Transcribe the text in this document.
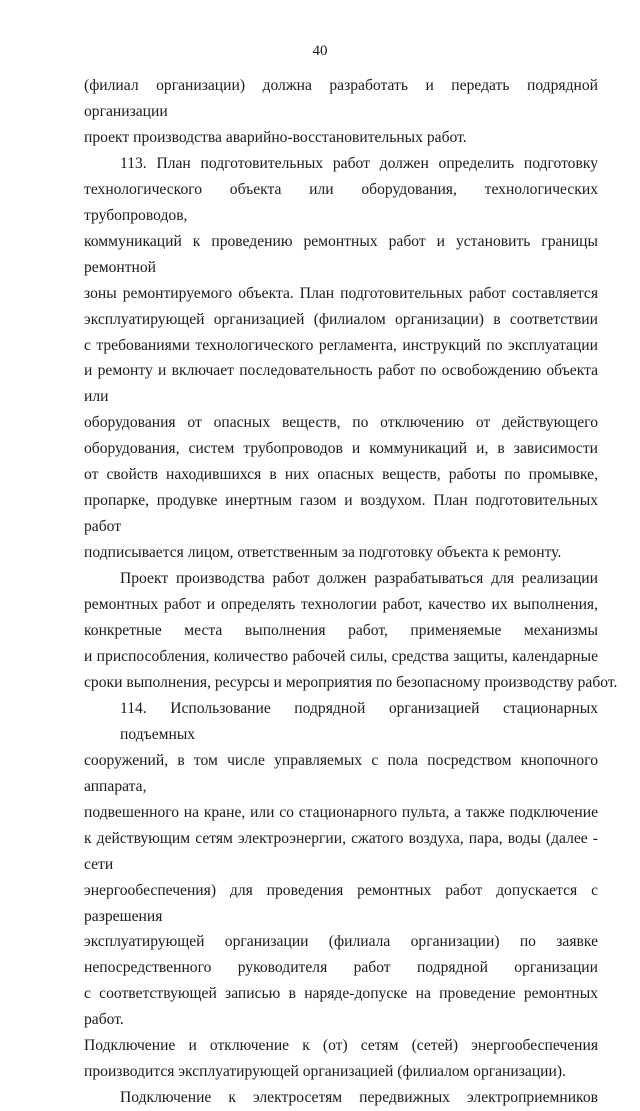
40
(филиал организации) должна разработать и передать подрядной организации
проект производства аварийно-восстановительных работ.
113. План подготовительных работ должен определить подготовку
технологического объекта или оборудования, технологических трубопроводов,
коммуникаций к проведению ремонтных работ и установить границы ремонтной
зоны ремонтируемого объекта. План подготовительных работ составляется
эксплуатирующей организацией (филиалом организации) в соответствии
с требованиями технологического регламента, инструкций по эксплуатации
и ремонту и включает последовательность работ по освобождению объекта или
оборудования от опасных веществ, по отключению от действующего
оборудования, систем трубопроводов и коммуникаций и, в зависимости
от свойств находившихся в них опасных веществ, работы по промывке,
пропарке, продувке инертным газом и воздухом. План подготовительных работ
подписывается лицом, ответственным за подготовку объекта к ремонту.
Проект производства работ должен разрабатываться для реализации
ремонтных работ и определять технологии работ, качество их выполнения,
конкретные места выполнения работ, применяемые механизмы
и приспособления, количество рабочей силы, средства защиты, календарные
сроки выполнения, ресурсы и мероприятия по безопасному производству работ.
114. Использование подрядной организацией стационарных подъемных
сооружений, в том числе управляемых с пола посредством кнопочного аппарата,
подвешенного на кране, или со стационарного пульта, а также подключение
к действующим сетям электроэнергии, сжатого воздуха, пара, воды (далее - сети
энергообеспечения) для проведения ремонтных работ допускается с разрешения
эксплуатирующей организации (филиала организации) по заявке
непосредственного руководителя работ подрядной организации
с соответствующей записью в наряде-допуске на проведение ремонтных работ.
Подключение и отключение к (от) сетям (сетей) энергообеспечения
производится эксплуатирующей организацией (филиалом организации).
Подключение к электросетям передвижных электроприемников
